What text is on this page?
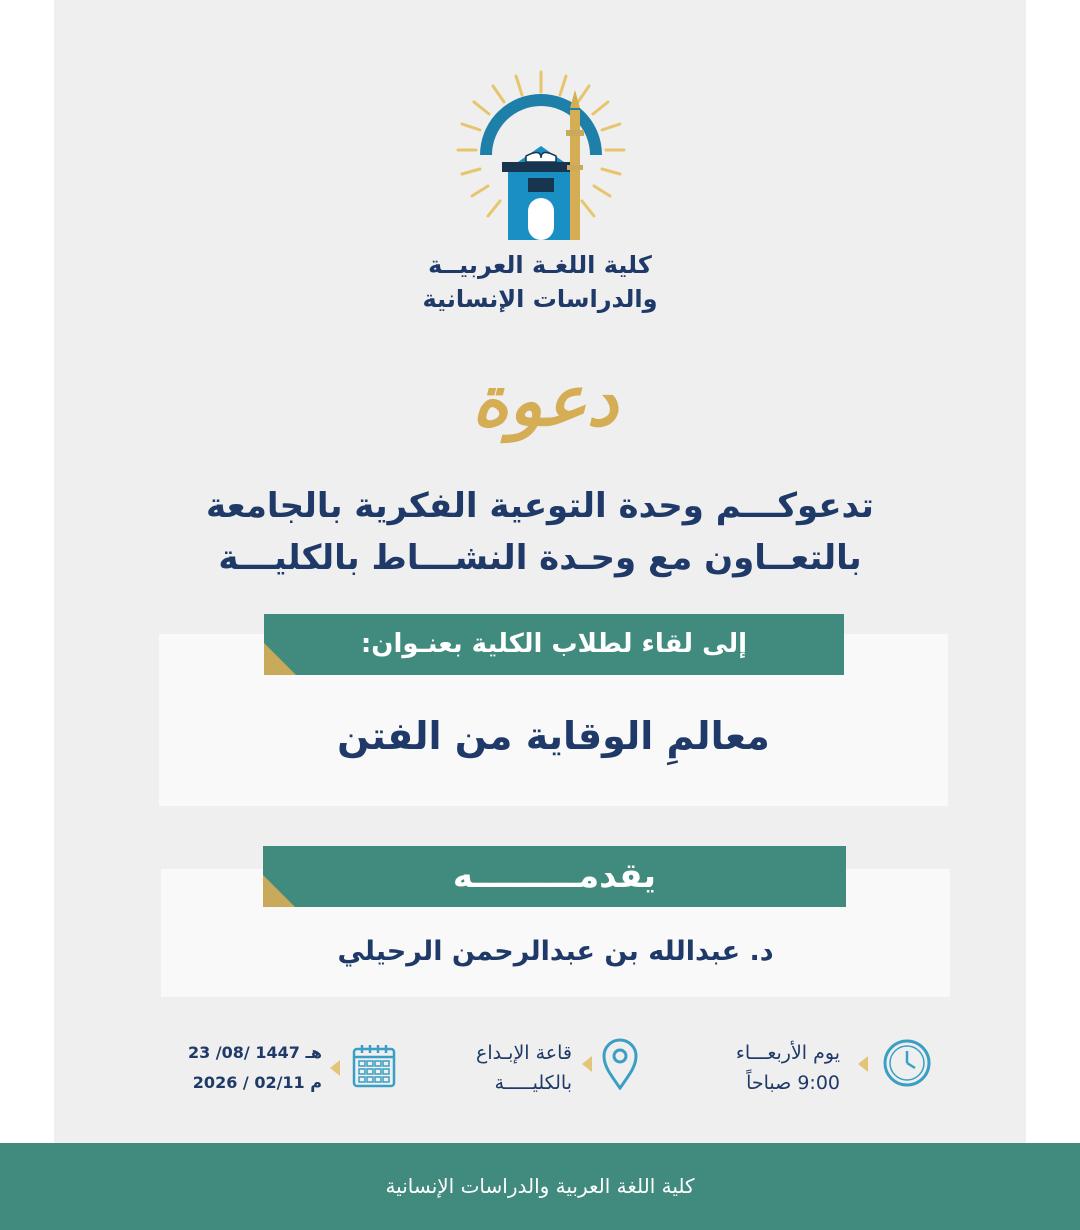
كلية اللغـة العربيــة
والدراسات الإنسانية
دعوة
تدعوكـــم وحدة التوعية الفكرية بالجامعة
بالتعــاون مع وحـدة النشـــاط بالكليـــة
إلى لقاء لطلاب الكلية بعنـوان:
معالمِ الوقاية من الفتن
يقدمـــــــــه
د. عبدالله بن عبدالرحمن الرحيلي
يوم الأربعـــاء
9:00 صباحاً
قاعة الإبـداع
بالكليـــــة
23 /08/ 1447 هـ
2026 / 02/11 م
كلية اللغة العربية والدراسات الإنسانية
